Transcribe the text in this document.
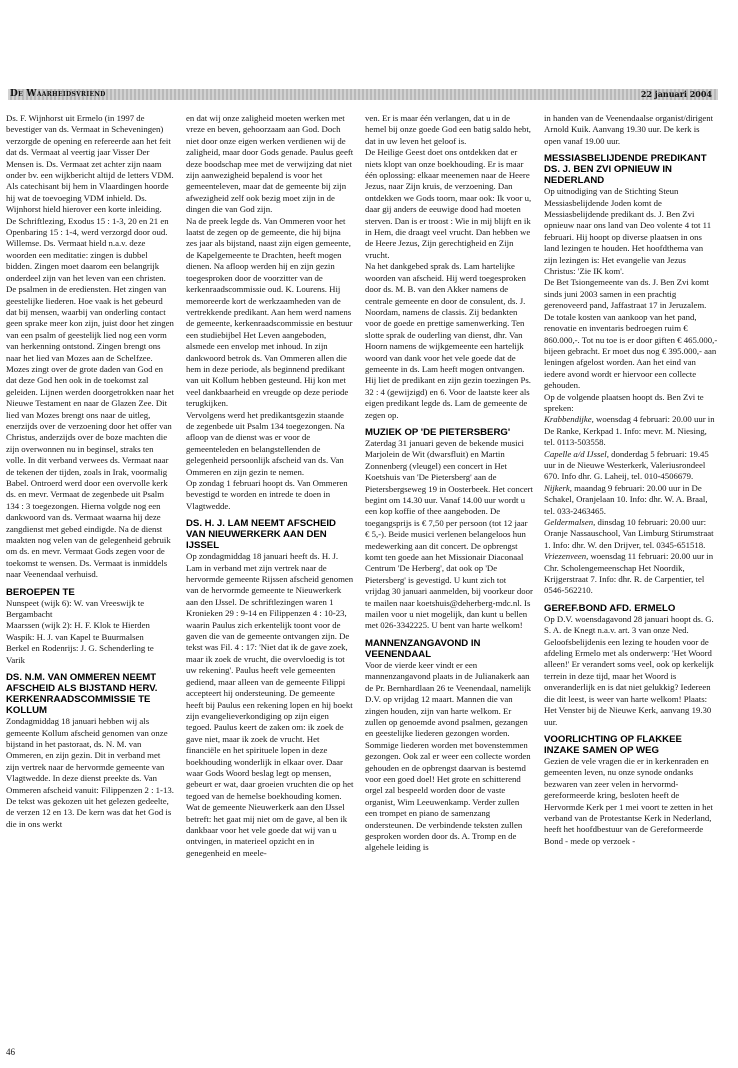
De Waarheidsvriend	22 januari 2004

Ds. F. Wijnhorst uit Ermelo (in 1997 de bevestiger van ds. Vermaat in Scheveningen) verzorgde de opening en refereerde aan het feit dat ds. Vermaat al veertig jaar Visser Der Mensen is. Ds. Vermaat zet achter zijn naam onder bv. een wijkbericht altijd de letters VDM. Als catechisant bij hem in Vlaardingen hoorde hij wat de toevoeging VDM inhield. Ds. Wijnhorst hield hierover een korte inleiding.

De Schriftlezing, Exodus 15 : 1-3, 20 en 21 en Openbaring 15 : 1-4, werd verzorgd door oud. Willemse. Ds. Vermaat hield n.a.v. deze woorden een meditatie: zingen is dubbel bidden. Zingen moet daarom een belangrijk onderdeel zijn van het leven van een christen. De psalmen in de erediensten. Het zingen van geestelijke liederen. Hoe vaak is het gebeurd dat bij mensen, waarbij van onderling contact geen sprake meer kon zijn, juist door het zingen van een psalm of geestelijk lied nog een vorm van herkenning ontstond. Zingen brengt ons naar het lied van Mozes aan de Schelfzee. Mozes zingt over de grote daden van God en dat deze God hen ook in de toekomst zal geleiden. Lijnen werden doorgetrokken naar het Nieuwe Testament en naar de Glazen Zee. Dit lied van Mozes brengt ons naar de uitleg, enerzijds over de verzoening door het offer van Christus, anderzijds over de boze machten die zijn overwonnen nu in beginsel, straks ten volle. In dit verband verwees ds. Vermaat naar de tekenen der tijden, zoals in Irak, voormalig Babel. Ontroerd werd door een overvolle kerk ds. en mevr. Vermaat de zegenbede uit Psalm 134 : 3 toegezongen. Hierna volgde nog een dankwoord van ds. Vermaat waarna hij deze zangdienst met gebed eindigde. Na de dienst maakten nog velen van de gelegenheid gebruik om ds. en mevr. Vermaat Gods zegen voor de toekomst te wensen. Ds. Vermaat is inmiddels naar Veenendaal verhuisd.

BEROEPEN TE

Nunspeet (wijk 6): W. van Vreeswijk te Bergambacht

Maarssen (wijk 2): H. F. Klok te Hierden

Waspik: H. J. van Kapel te Buurmalsen

Berkel en Rodenrijs: J. G. Schenderling te Varik

DS. N.M. VAN OMMEREN NEEMT AFSCHEID ALS BIJSTAND HERV. KERKENRAADSCOMMISSIE TE KOLLUM

Zondagmiddag 18 januari hebben wij als gemeente Kollum afscheid genomen van onze bijstand in het pastoraat, ds. N. M. van Ommeren, en zijn gezin. Dit in verband met zijn vertrek naar de hervormde gemeente van Vlagtwedde. In deze dienst preekte ds. Van Ommeren afscheid vanuit: Filippenzen 2 : 1-13. De tekst was gekozen uit het gelezen gedeelte, de verzen 12 en 13. De kern was dat het God is die in ons werkt

en dat wij onze zaligheid moeten werken met vreze en beven, gehoorzaam aan God. Doch niet door onze eigen werken verdienen wij de zaligheid, maar door Gods genade. Paulus geeft deze boodschap mee met de verwijzing dat niet zijn aanwezigheid bepalend is voor het gemeenteleven, maar dat de gemeente bij zijn afwezigheid zelf ook bezig moet zijn in de dingen die van God zijn.

Na de preek legde ds. Van Ommeren voor het laatst de zegen op de gemeente, die hij bijna zes jaar als bijstand, naast zijn eigen gemeente, de Kapelgemeente te Drachten, heeft mogen dienen. Na afloop werden hij en zijn gezin toegesproken door de voorzitter van de kerkenraadscommissie oud. K. Lourens. Hij memoreerde kort de werkzaamheden van de vertrekkende predikant. Aan hem werd namens de gemeente, kerkenraadscommissie en bestuur een studiebijbel Het Leven aangeboden, alsmede een envelop met inhoud. In zijn dankwoord betrok ds. Van Ommeren allen die hem in deze periode, als beginnend predikant van uit Kollum hebben gesteund. Hij kon met veel dankbaarheid en vreugde op deze periode terugkijken.

Vervolgens werd het predikantsgezin staande de zegenbede uit Psalm 134 toegezongen. Na afloop van de dienst was er voor de gemeenteleden en belangstellenden de gelegenheid persoonlijk afscheid van ds. Van Ommeren en zijn gezin te nemen.

Op zondag 1 februari hoopt ds. Van Ommeren bevestigd te worden en intrede te doen in Vlagtwedde.

DS. H. J. LAM NEEMT AFSCHEID VAN NIEUWERKERK AAN DEN IJSSEL

Op zondagmiddag 18 januari heeft ds. H. J. Lam in verband met zijn vertrek naar de hervormde gemeente Rijssen afscheid genomen van de hervormde gemeente te Nieuwerkerk aan den IJssel. De schriftlezingen waren 1 Kronieken 29 : 9-14 en Filippenzen 4 : 10-23, waarin Paulus zich erkentelijk toont voor de gaven die van de gemeente ontvangen zijn. De tekst was Fil. 4 : 17: 'Niet dat ik de gave zoek, maar ik zoek de vrucht, die overvloedig is tot uw rekening'. Paulus heeft vele gemeenten gediend, maar alleen van de gemeente Filippi accepteert hij ondersteuning. De gemeente heeft bij Paulus een rekening lopen en hij boekt zijn evangelieverkondiging op zijn eigen tegoed. Paulus keert de zaken om: ik zoek de gave niet, maar ik zoek de vrucht. Het financiële en het spirituele lopen in deze boekhouding wonderlijk in elkaar over. Daar waar Gods Woord beslag legt op mensen, gebeurt er wat, daar groeien vruchten die op het tegoed van de hemelse boekhouding komen. Wat de gemeente Nieuwerkerk aan den IJssel betreft: het gaat mij niet om de gave, al ben ik dankbaar voor het vele goede dat wij van u ontvingen, in materieel opzicht en in genegenheid en meele-

ven. Er is maar één verlangen, dat u in de hemel bij onze goede God een batig saldo hebt, dat in uw leven het geloof is.

De Heilige Geest doet ons ontdekken dat er niets klopt van onze boekhouding. Er is maar één oplossing: elkaar meenemen naar de Heere Jezus, naar Zijn kruis, de verzoening. Dan ontdekken we Gods toorn, maar ook: Ik voor u, daar gij anders de eeuwige dood had moeten sterven. Dan is er troost : Wie in mij blijft en ik in Hem, die draagt veel vrucht. Dan hebben we de Heere Jezus, Zijn gerechtigheid en Zijn vrucht.

Na het dankgebed sprak ds. Lam hartelijke woorden van afscheid. Hij werd toegesproken door ds. M. B. van den Akker namens de centrale gemeente en door de consulent, ds. J. Noordam, namens de classis. Zij bedankten voor de goede en prettige samenwerking. Ten slotte sprak de ouderling van dienst, dhr. Van Hoorn namens de wijkgemeente een hartelijk woord van dank voor het vele goede dat de gemeente in ds. Lam heeft mogen ontvangen. Hij liet de predikant en zijn gezin toezingen Ps. 32 : 4 (gewijzigd) en 6. Voor de laatste keer als eigen predikant legde ds. Lam de gemeente de zegen op.

MUZIEK OP 'DE PIETERSBERG'

Zaterdag 31 januari geven de bekende musici Marjolein de Wit (dwarsfluit) en Martin Zonnenberg (vleugel) een concert in Het Koetshuis van 'De Pietersberg' aan de Pietersbergseweg 19 in Oosterbeek. Het concert begint om 14.30 uur. Vanaf 14.00 uur wordt u een kop koffie of thee aangeboden. De toegangsprijs is € 7,50 per persoon (tot 12 jaar € 5,-). Beide musici verlenen belangeloos hun medewerking aan dit concert. De opbrengst komt ten goede aan het Missionair Diaconaal Centrum 'De Herberg', dat ook op 'De Pietersberg' is gevestigd. U kunt zich tot vrijdag 30 januari aanmelden, bij voorkeur door te mailen naar koetshuis@deherberg-mdc.nl. Is mailen voor u niet mogelijk, dan kunt u bellen met 026-3342225. U bent van harte welkom!

MANNENZANGAVOND IN VEENENDAAL

Voor de vierde keer vindt er een mannenzangavond plaats in de Julianakerk aan de Pr. Bernhardlaan 26 te Veenendaal, namelijk D.V. op vrijdag 12 maart. Mannen die van zingen houden, zijn van harte welkom. Er zullen op genoemde avond psalmen, gezangen en geestelijke liederen gezongen worden. Sommige liederen worden met bovenstemmen gezongen. Ook zal er weer een collecte worden gehouden en de opbrengst daarvan is bestemd voor een goed doel! Het grote en schitterend orgel zal bespeeld worden door de vaste organist, Wim Leeuwenkamp. Verder zullen een trompet en piano de samenzang ondersteunen. De verbindende teksten zullen gesproken worden door ds. A. Tromp en de algehele leiding is

in handen van de Veenendaalse organist/dirigent Arnold Kuik. Aanvang 19.30 uur. De kerk is open vanaf 19.00 uur.

MESSIASBELIJDENDE PREDIKANT DS. J. BEN ZVI OPNIEUW IN NEDERLAND

Op uitnodiging van de Stichting Steun Messiasbelijdende Joden komt de Messiasbelijdende predikant ds. J. Ben Zvi opnieuw naar ons land van Deo volente 4 tot 11 februari. Hij hoopt op diverse plaatsen in ons land lezingen te houden. Het hoofdthema van zijn lezingen is: Het evangelie van Jezus Christus: 'Zie IK kom'.

De Bet Tsiongemeente van ds. J. Ben Zvi komt sinds juni 2003 samen in een prachtig gerenoveerd pand, Jaffastraat 17 in Jeruzalem. De totale kosten van aankoop van het pand, renovatie en inventaris bedroegen ruim € 860.000,-. Tot nu toe is er door giften € 465.000,- bijeen gebracht. Er moet dus nog € 395.000,- aan leningen afgelost worden. Aan het eind van iedere avond wordt er hiervoor een collecte gehouden.

Op de volgende plaatsen hoopt ds. Ben Zvi te spreken:

Krabbendijke, woensdag 4 februari: 20.00 uur in De Ranke, Kerkpad 1. Info: mevr. M. Niesing, tel. 0113-503558.

Capelle a/d IJssel, donderdag 5 februari: 19.45 uur in de Nieuwe Westerkerk, Valeriusrondeel 670. Info dhr. G. Laheij, tel. 010-4506679.

Nijkerk, maandag 9 februari: 20.00 uur in De Schakel, Oranjelaan 10. Info: dhr. W. A. Braal, tel. 033-2463465.

Geldermalsen, dinsdag 10 februari: 20.00 uur: Oranje Nassauschool, Van Limburg Stirumstraat 1. Info: dhr. W. den Drijver, tel. 0345-651518.

Vriezenveen, woensdag 11 februari: 20.00 uur in Chr. Scholengemeenschap Het Noordik, Krijgerstraat 7. Info: dhr. R. de Carpentier, tel 0546-562210.

GEREF.BOND AFD. ERMELO

Op D.V. woensdagavond 28 januari hoopt ds. G. S. A. de Knegt n.a.v. art. 3 van onze Ned. Geloofsbelijdenis een lezing te houden voor de afdeling Ermelo met als onderwerp: 'Het Woord alleen!' Er verandert soms veel, ook op kerkelijk terrein in deze tijd, maar het Woord is onveranderlijk en is dat niet gelukkig? Iedereen die dit leest, is weer van harte welkom! Plaats: Het Venster bij de Nieuwe Kerk, aanvang 19.30 uur.

VOORLICHTING OP FLAKKEE INZAKE SAMEN OP WEG

Gezien de vele vragen die er in kerkenraden en gemeenten leven, nu onze synode ondanks bezwaren van zeer velen in hervormd-gereformeerde kring, besloten heeft de Hervormde Kerk per 1 mei voort te zetten in het verband van de Protestantse Kerk in Nederland, heeft het hoofdbestuur van de Gereformeerde Bond - mede op verzoek -

46
